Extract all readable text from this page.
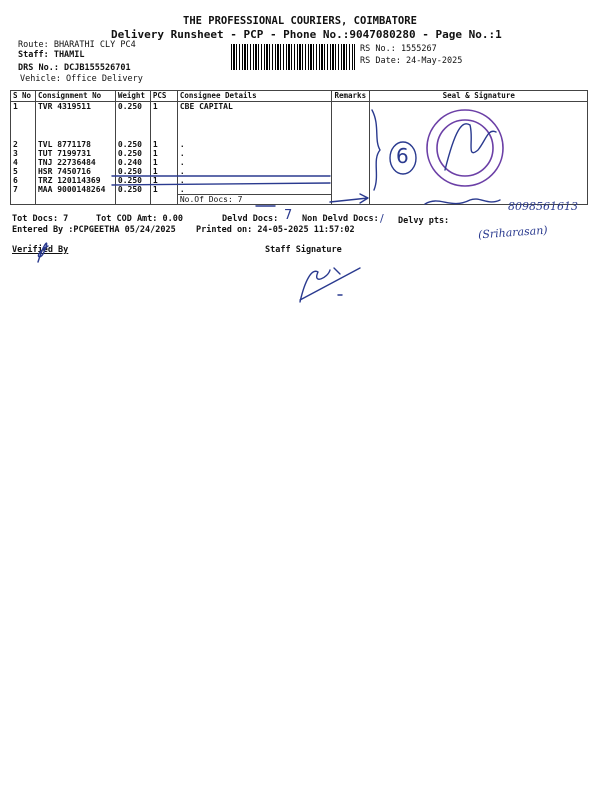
THE PROFESSIONAL COURIERS, COIMBATORE
Delivery Runsheet - PCP - Phone No.:9047080280 - Page No.:1
Route: BHARATHI CLY PC4
Staff: THAMIL
DRS No.: DCJB155526701
Vehicle: Office Delivery
RS No.: 1555267
RS Date: 24-May-2025
S No	Consignment No	Weight	PCS	Consignee Details	Remarks	Seal & Signature
1	TVR 4319511	0.250	1	CBE CAPITAL		
2	TVL 8771178	0.250	1	.		
3	TUT 7199731	0.250	1	.		
4	TNJ 22736484	0.240	1	.		
5	HSR 7450716	0.250	1	.		
6	TRZ 120114369	0.250	1	.		
7	MAA 9000148264	0.250	1	.		
				No.Of Docs: 7		
Tot Docs: 7	Tot COD Amt: 0.00	Delvd Docs:	Non Delvd Docs: Delvy pts:
Entered By :PCPGEETHA 05/24/2025 Printed on: 24-05-2025 11:57:02
Verified By	Staff Signature
8098561613
(Sriharasan)
6
7	/
